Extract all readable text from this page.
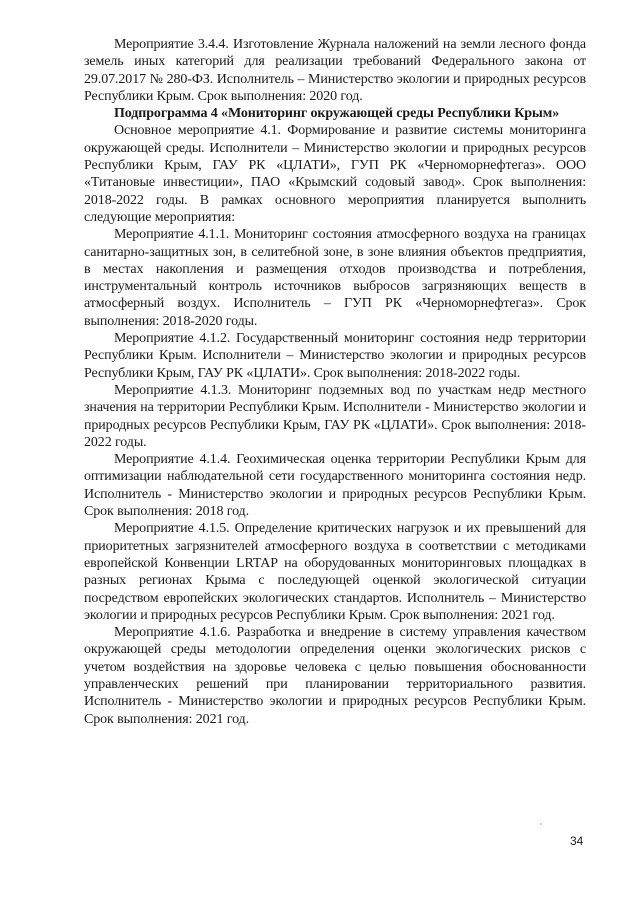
Мероприятие 3.4.4. Изготовление Журнала наложений на земли лесного фонда земель иных категорий для реализации требований Федерального закона от 29.07.2017 № 280-ФЗ. Исполнитель – Министерство экологии и природных ресурсов Республики Крым. Срок выполнения: 2020 год.

Подпрограмма 4 «Мониторинг окружающей среды Республики Крым»

Основное мероприятие 4.1. Формирование и развитие системы мониторинга окружающей среды. Исполнители – Министерство экологии и природных ресурсов Республики Крым, ГАУ РК «ЦЛАТИ», ГУП РК «Черноморнефтегаз». ООО «Титановые инвестиции», ПАО «Крымский содовый завод». Срок выполнения: 2018-2022 годы. В рамках основного мероприятия планируется выполнить следующие мероприятия:

Мероприятие 4.1.1. Мониторинг состояния атмосферного воздуха на границах санитарно-защитных зон, в селитебной зоне, в зоне влияния объектов предприятия, в местах накопления и размещения отходов производства и потребления, инструментальный контроль источников выбросов загрязняющих веществ в атмосферный воздух. Исполнитель – ГУП РК «Черноморнефтегаз». Срок выполнения: 2018-2020 годы.

Мероприятие 4.1.2. Государственный мониторинг состояния недр территории Республики Крым. Исполнители – Министерство экологии и природных ресурсов Республики Крым, ГАУ РК «ЦЛАТИ». Срок выполнения: 2018-2022 годы.

Мероприятие 4.1.3. Мониторинг подземных вод по участкам недр местного значения на территории Республики Крым. Исполнители - Министерство экологии и природных ресурсов Республики Крым, ГАУ РК «ЦЛАТИ». Срок выполнения: 2018-2022 годы.

Мероприятие 4.1.4. Геохимическая оценка территории Республики Крым для оптимизации наблюдательной сети государственного мониторинга состояния недр. Исполнитель - Министерство экологии и природных ресурсов Республики Крым. Срок выполнения: 2018 год.

Мероприятие 4.1.5. Определение критических нагрузок и их превышений для приоритетных загрязнителей атмосферного воздуха в соответствии с методиками европейской Конвенции LRTAP на оборудованных мониторинговых площадках в разных регионах Крыма с последующей оценкой экологической ситуации посредством европейских экологических стандартов. Исполнитель – Министерство экологии и природных ресурсов Республики Крым. Срок выполнения: 2021 год.

Мероприятие 4.1.6. Разработка и внедрение в систему управления качеством окружающей среды методологии определения оценки экологических рисков с учетом воздействия на здоровье человека с целью повышения обоснованности управленческих решений при планировании территориального развития. Исполнитель - Министерство экологии и природных ресурсов Республики Крым. Срок выполнения: 2021 год.

34
